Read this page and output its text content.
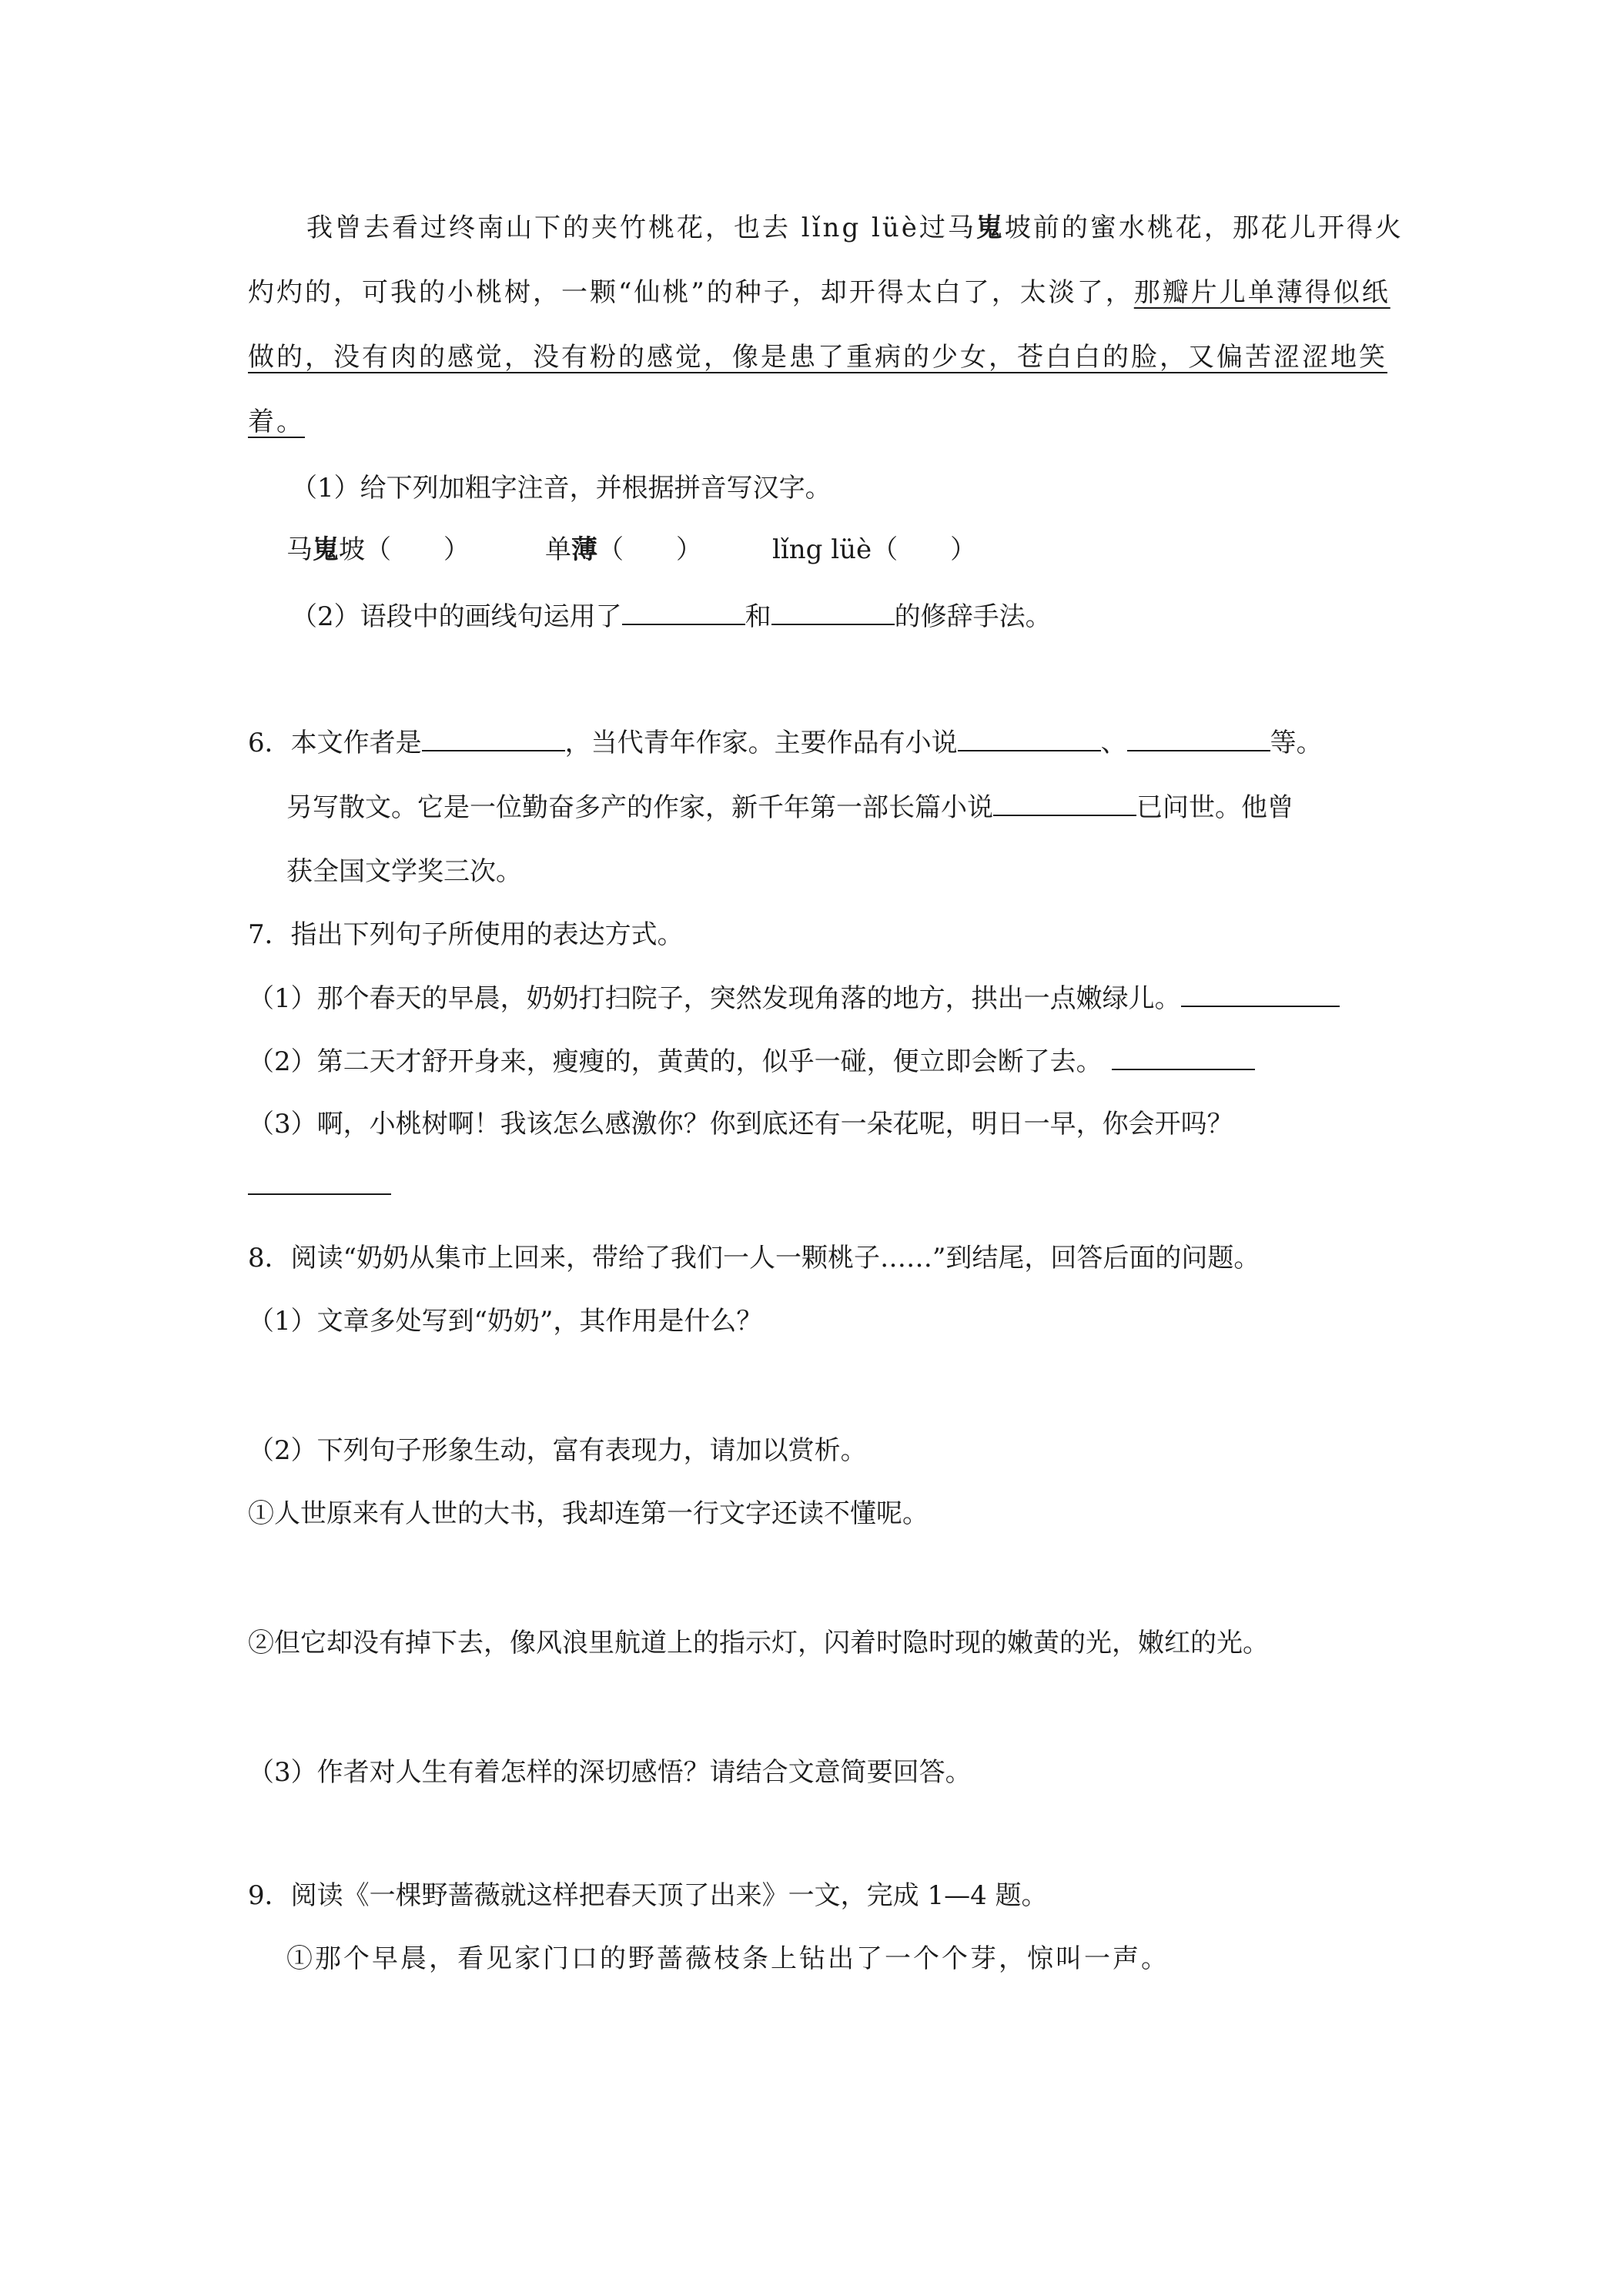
我曾去看过终南山下的夹竹桃花，也去 lǐng lüè过马嵬坡前的蜜水桃花，那花儿开得火
灼灼的，可我的小桃树，一颗“仙桃”的种子，却开得太白了，太淡了，那瓣片儿单薄得似纸
做的，没有肉的感觉，没有粉的感觉，像是患了重病的少女，苍白白的脸，又偏苦涩涩地笑
着。
（1）给下列加粗字注音，并根据拼音写汉字。
马嵬坡（　　）	单薄（　　）	lǐng lüè（　　）
（2）语段中的画线句运用了	和	的修辞手法。
6．本文作者是	，当代青年作家。主要作品有小说	、	等。
另写散文。它是一位勤奋多产的作家，新千年第一部长篇小说	已问世。他曾
获全国文学奖三次。
7．指出下列句子所使用的表达方式。
（1）那个春天的早晨，奶奶打扫院子，突然发现角落的地方，拱出一点嫩绿儿。
（2）第二天才舒开身来，瘦瘦的，黄黄的，似乎一碰，便立即会断了去。
（3）啊，小桃树啊！我该怎么感激你？你到底还有一朵花呢，明日一早，你会开吗？
8．阅读“奶奶从集市上回来，带给了我们一人一颗桃子……”到结尾，回答后面的问题。
（1）文章多处写到“奶奶”，其作用是什么？
（2）下列句子形象生动，富有表现力，请加以赏析。
①人世原来有人世的大书，我却连第一行文字还读不懂呢。
②但它却没有掉下去，像风浪里航道上的指示灯，闪着时隐时现的嫩黄的光，嫩红的光。
（3）作者对人生有着怎样的深切感悟？请结合文意简要回答。
9．阅读《一棵野蔷薇就这样把春天顶了出来》一文，完成 1—4 题。
①那个早晨，看见家门口的野蔷薇枝条上钻出了一个个芽，惊叫一声。
